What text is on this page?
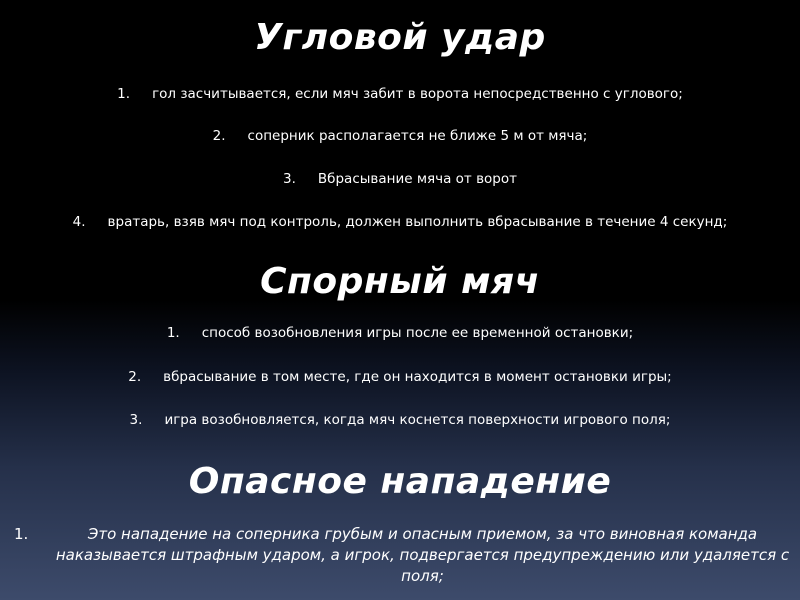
Угловой удар
1. гол засчитывается, если мяч забит в ворота непосредственно с углового;
2. соперник располагается не ближе 5 м от мяча;
3. Вбрасывание мяча от ворот
4. вратарь, взяв мяч под контроль, должен выполнить вбрасывание в течение 4 секунд;
Спорный мяч
1. способ возобновления игры после ее временной остановки;
2. вбрасывание в том месте, где он находится в момент остановки игры;
3. игра возобновляется, когда мяч коснется поверхности игрового поля;
Опасное нападение
1.	Это нападение на соперника грубым и опасным приемом, за что виновная команда наказывается штрафным ударом, а игрок, подвергается предупреждению или удаляется с поля;
